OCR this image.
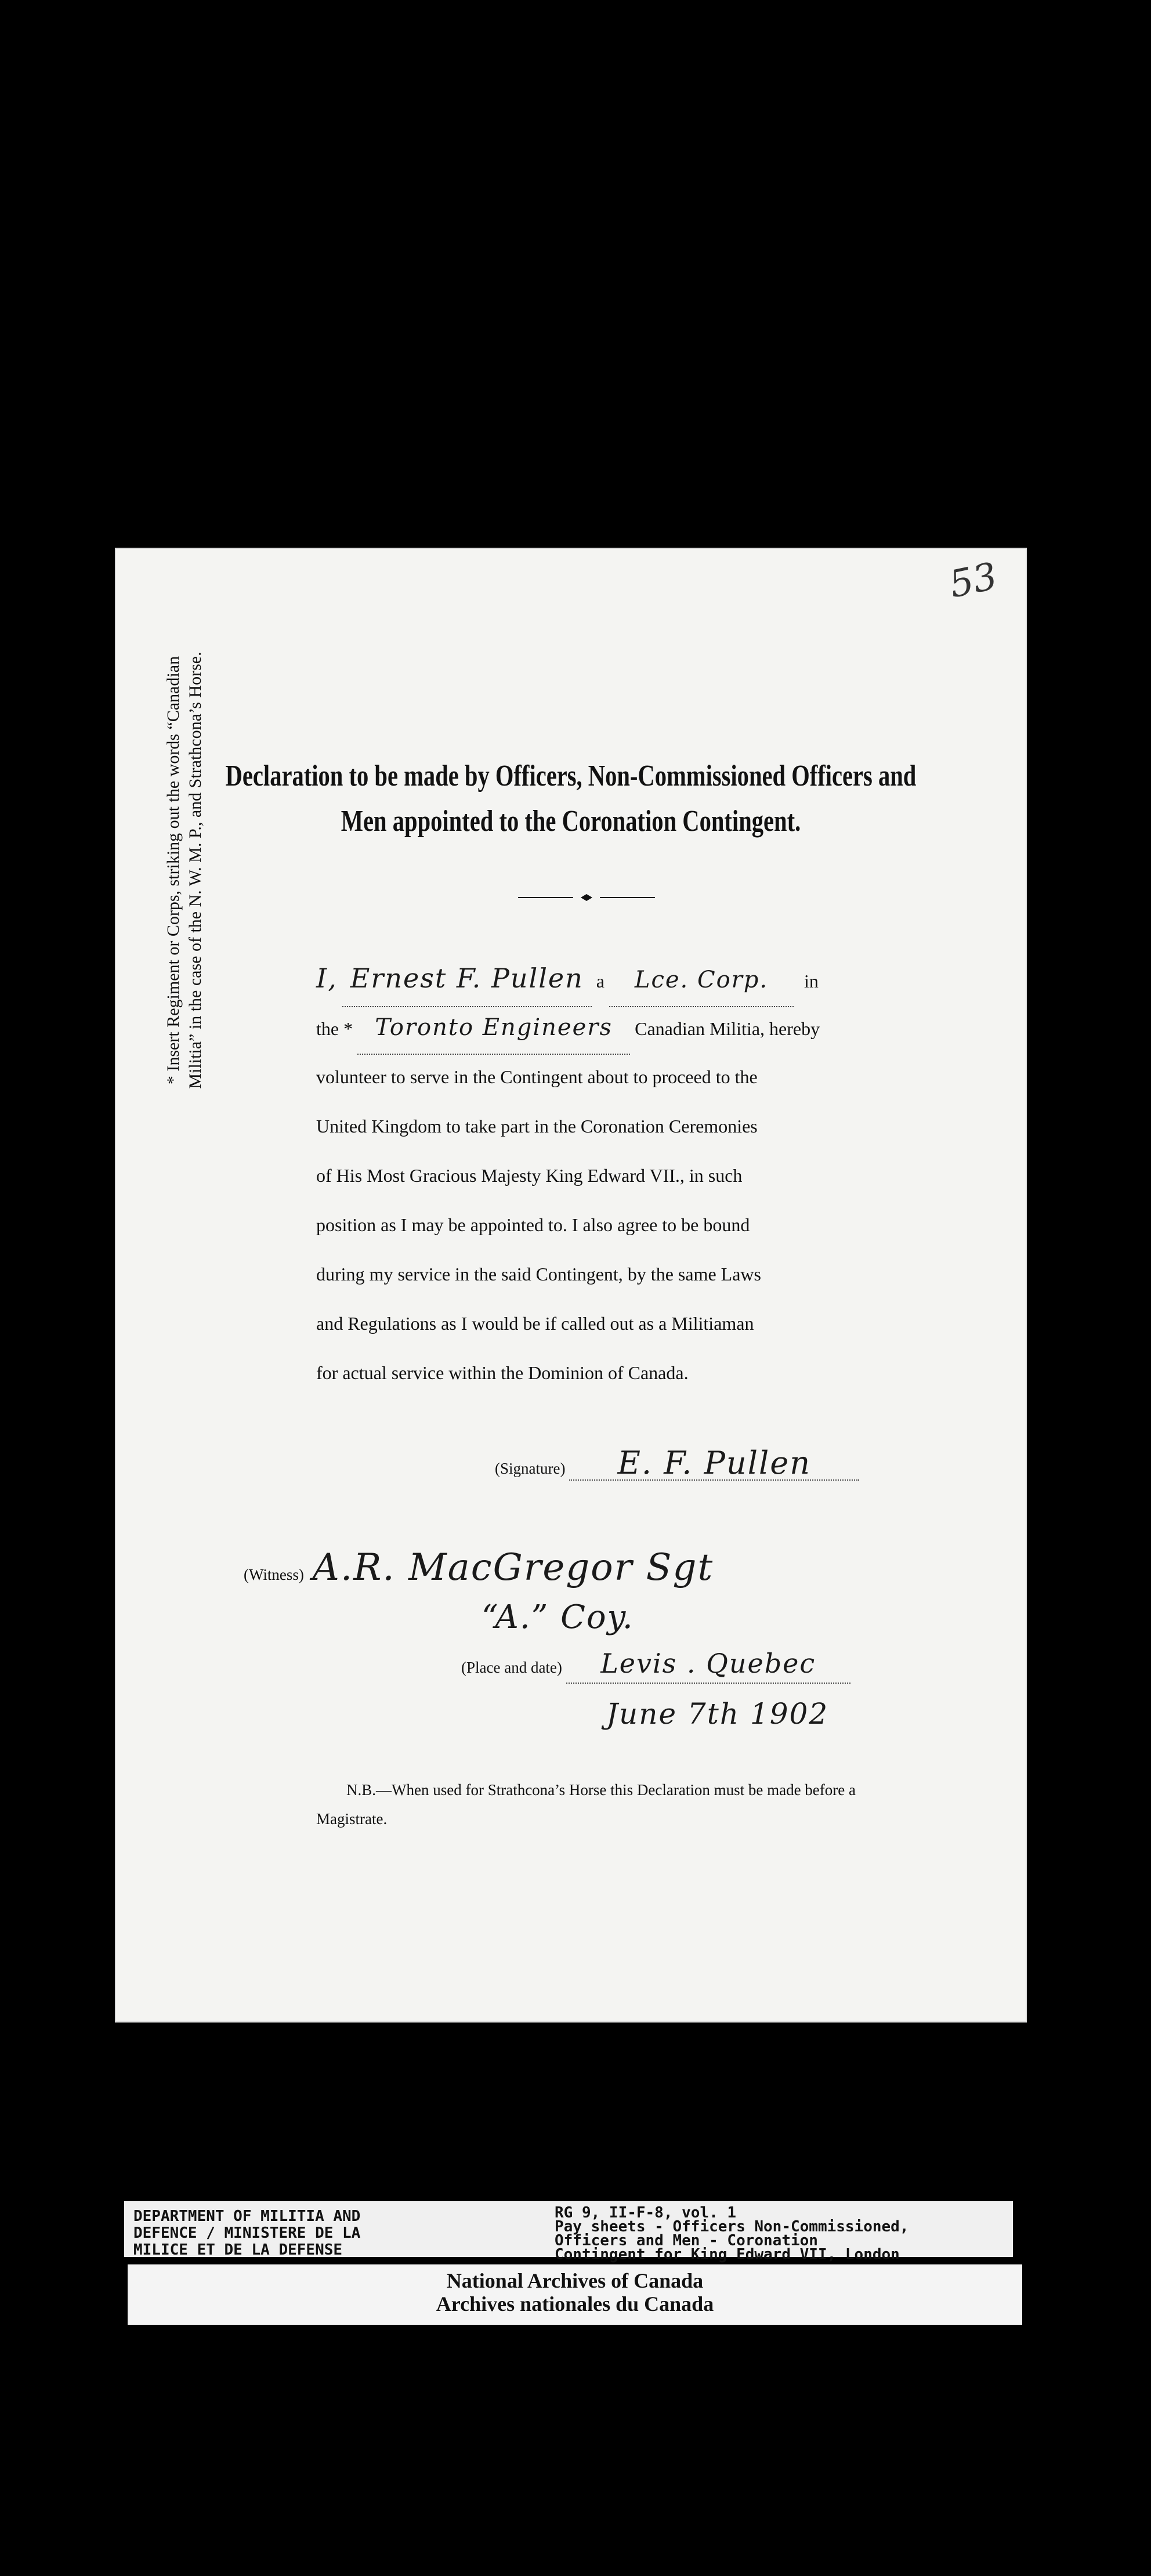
53
Declaration to be made by Officers, Non-Commissioned Officers and
Men appointed to the Coronation Contingent.
* Insert Regiment or Corps, striking out the words “Canadian Militia” in the case of the N. W. M. P., and Strathcona’s Horse.	I, Ernest F. Pullen a Lce. Corp. in
the * Toronto Engineers Canadian Militia, hereby
volunteer to serve in the Contingent about to proceed to the
United Kingdom to take part in the Coronation Ceremonies
of His Most Gracious Majesty King Edward VII., in such
position as I may be appointed to. I also agree to be bound
during my service in the said Contingent, by the same Laws
and Regulations as I would be if called out as a Militiaman
for actual service within the Dominion of Canada.
(Signature) E. F. Pullen
(Witness) A.R. MacGregor Sgt
“A.” Coy.
(Place and date) Levis . Quebec
June 7th 1902
N.B.—When used for Strathcona’s Horse this Declaration must be made before a Magistrate.
DEPARTMENT OF MILITIA AND
DEFENCE / MINISTERE DE LA
MILICE ET DE LA DEFENSE
RG 9, II-F-8, vol. 1
Pay sheets - Officers Non-Commissioned,
Officers and Men - Coronation
Contingent for King Edward VII, London
National Archives of Canada
Archives nationales du Canada
